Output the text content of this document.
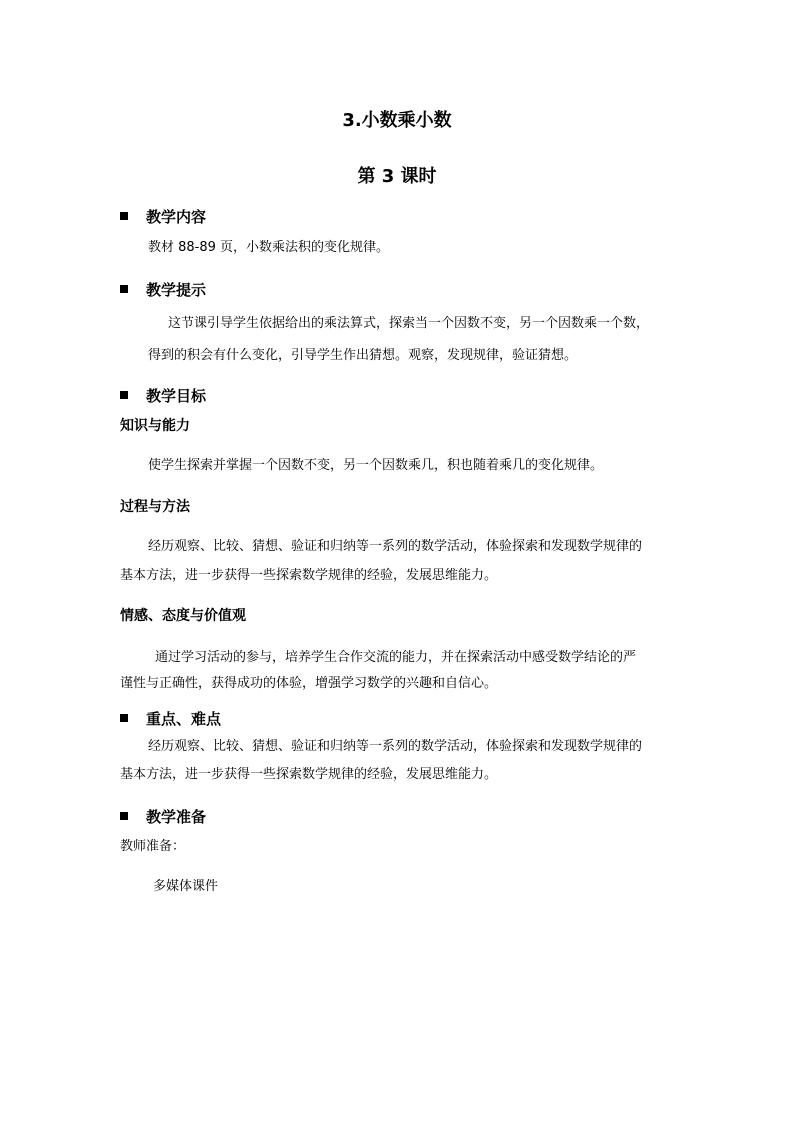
3.小数乘小数
第 3 课时
教学内容
教材 88-89 页，小数乘法积的变化规律。
教学提示
这节课引导学生依据给出的乘法算式，探索当一个因数不变，另一个因数乘一个数，
得到的积会有什么变化，引导学生作出猜想。观察，发现规律，验证猜想。
教学目标
知识与能力
使学生探索并掌握一个因数不变，另一个因数乘几，积也随着乘几的变化规律。
过程与方法
经历观察、比较、猜想、验证和归纳等一系列的数学活动，体验探索和发现数学规律的
基本方法，进一步获得一些探索数学规律的经验，发展思维能力。
情感、态度与价值观
通过学习活动的参与，培养学生合作交流的能力，并在探索活动中感受数学结论的严
谨性与正确性，获得成功的体验，增强学习数学的兴趣和自信心。
重点、难点
经历观察、比较、猜想、验证和归纳等一系列的数学活动，体验探索和发现数学规律的
基本方法，进一步获得一些探索数学规律的经验，发展思维能力。
教学准备
教师准备：
多媒体课件
